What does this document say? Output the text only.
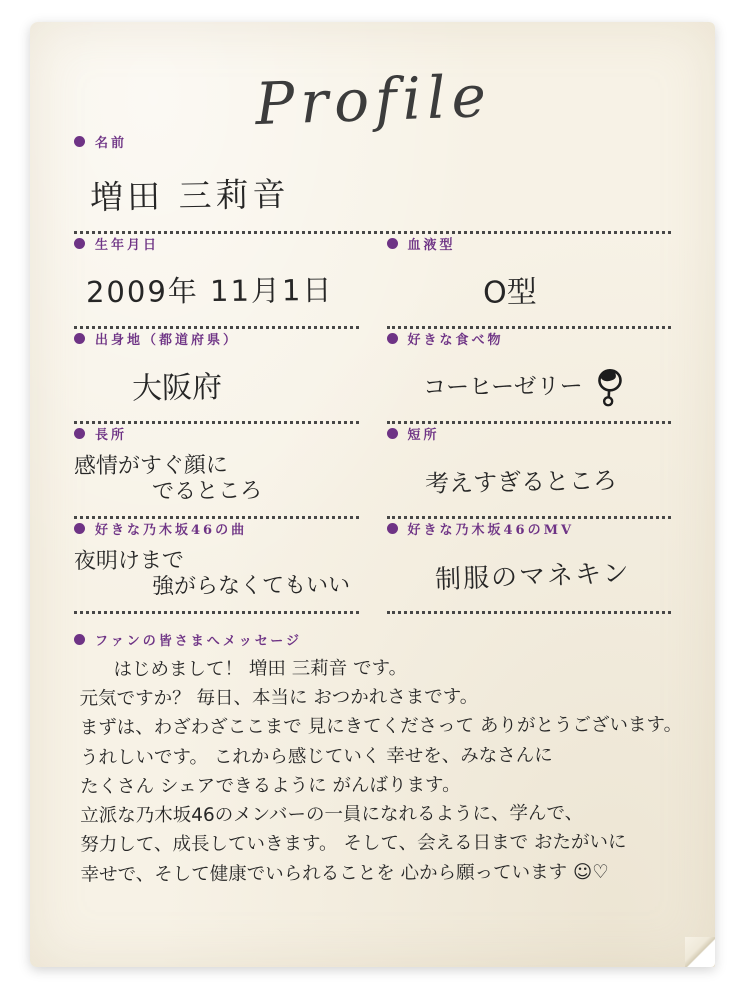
Profile
名前
増田 三莉音
生年月日
2009年 11月1日
血液型
O型
出身地（都道府県）
大阪府
好きな食べ物
コーヒーゼリー
長所
感情がすぐ顔に
でるところ
短所
考えすぎるところ
好きな乃木坂46の曲
夜明けまで
強がらなくてもいい
好きな乃木坂46のMV
制服のマネキン
ファンの皆さまへメッセージ
はじめまして！ 増田 三莉音 です。
元気ですか？ 毎日、本当に おつかれさまです。
まずは、わざわざここまで 見にきてくださって ありがとうございます。
うれしいです。 これから感じていく 幸せを、みなさんに
たくさん シェアできるように がんばります。
立派な乃木坂46のメンバーの一員になれるように、学んで、
努力して、成長していきます。 そして、会える日まで おたがいに
幸せで、そして健康でいられることを 心から願っています ☺♡
